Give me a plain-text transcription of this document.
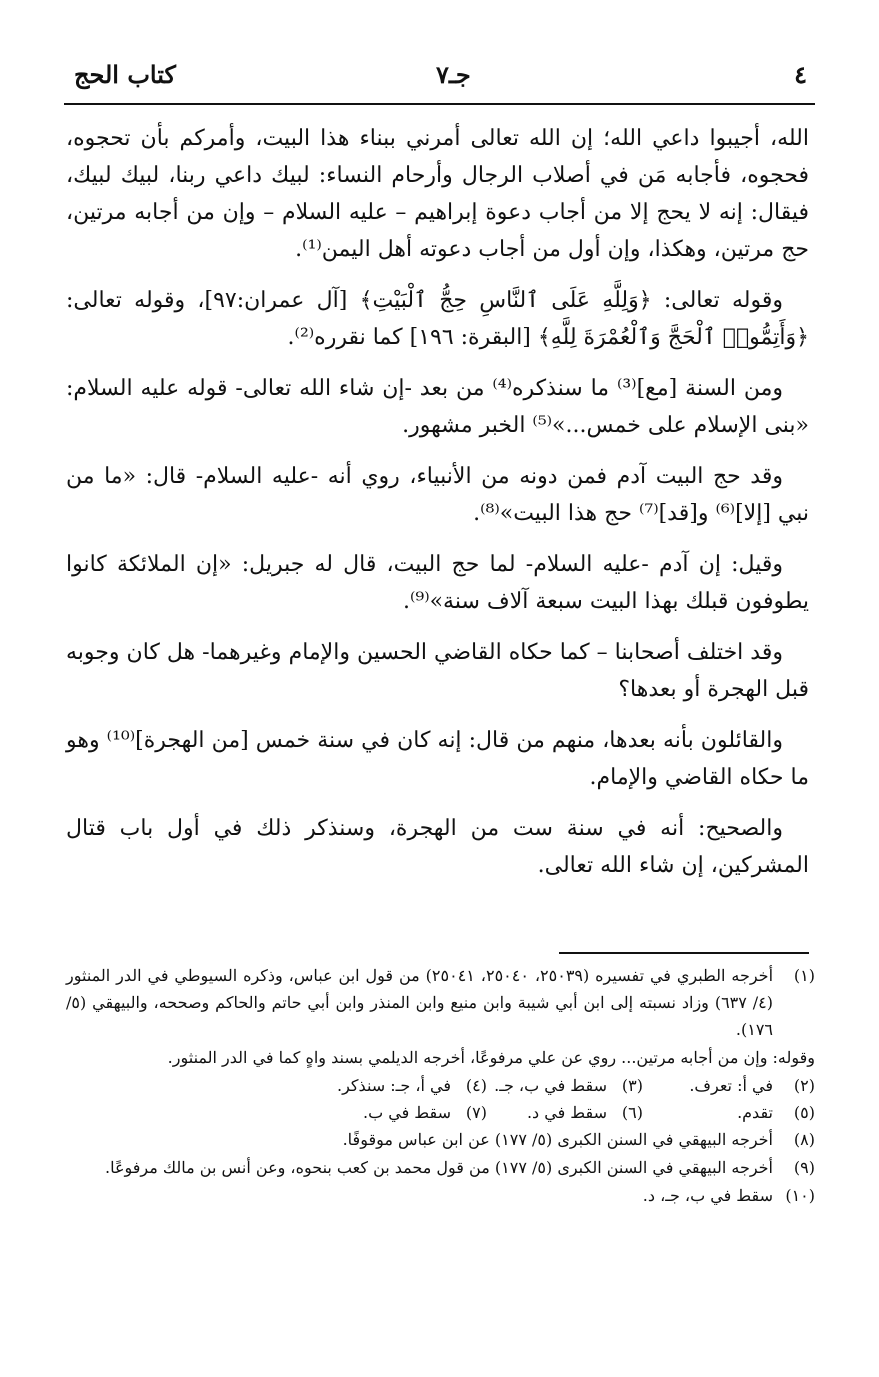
٤
جـ٧
كتاب الحج

الله، أجيبوا داعي الله؛ إن الله تعالى أمرني ببناء هذا البيت، وأمركم بأن تحجوه، فحجوه، فأجابه مَن في أصلاب الرجال وأرحام النساء: لبيك داعي ربنا، لبيك لبيك، فيقال: إنه لا يحج إلا من أجاب دعوة إبراهيم – عليه السلام – وإن من أجابه مرتين، حج مرتين، وهكذا، وإن أول من أجاب دعوته أهل اليمن⁽¹⁾.

وقوله تعالى: ﴿وَلِلَّهِ عَلَى ٱلنَّاسِ حِجُّ ٱلْبَيْتِ﴾ [آل عمران:٩٧]، وقوله تعالى: ﴿وَأَتِمُّوا۟ ٱلْحَجَّ وَٱلْعُمْرَةَ لِلَّهِ﴾ [البقرة: ١٩٦] كما نقرره⁽²⁾.

ومن السنة [مع]⁽³⁾ ما سنذكره⁽⁴⁾ من بعد -إن شاء الله تعالى- قوله عليه السلام: «بنى الإسلام على خمس...»⁽⁵⁾ الخبر مشهور.

وقد حج البيت آدم فمن دونه من الأنبياء، روي أنه -عليه السلام- قال: «ما من نبي [إلا]⁽⁶⁾ و[قد]⁽⁷⁾ حج هذا البيت»⁽⁸⁾.

وقيل: إن آدم -عليه السلام- لما حج البيت، قال له جبريل: «إن الملائكة كانوا يطوفون قبلك بهذا البيت سبعة آلاف سنة»⁽⁹⁾.

وقد اختلف أصحابنا – كما حكاه القاضي الحسين والإمام وغيرهما- هل كان وجوبه قبل الهجرة أو بعدها؟

والقائلون بأنه بعدها، منهم من قال: إنه كان في سنة خمس [من الهجرة]⁽¹⁰⁾ وهو ما حكاه القاضي والإمام.

والصحيح: أنه في سنة ست من الهجرة، وسنذكر ذلك في أول باب قتال المشركين، إن شاء الله تعالى.

(١)
أخرجه الطبري في تفسيره (٢٥٠٣٩، ٢٥٠٤٠، ٢٥٠٤١) من قول ابن عباس، وذكره السيوطي في الدر المنثور (٤/ ٦٣٧) وزاد نسبته إلى ابن أبي شيبة وابن منيع وابن المنذر وابن أبي حاتم والحاكم وصححه، والبيهقي (٥/ ١٧٦).

وقوله: وإن من أجابه مرتين... روي عن علي مرفوعًا، أخرجه الديلمي بسند واهٍ كما في الدر المنثور.

(٢)
في أ: تعرف.
(٣)
سقط في ب، جـ.
(٤)
في أ، جـ: سنذكر.
(٥)
تقدم.
(٦)
سقط في د.
(٧)
سقط في ب.
(٨)
أخرجه البيهقي في السنن الكبرى (٥/ ١٧٧) عن ابن عباس موقوفًا.
(٩)
أخرجه البيهقي في السنن الكبرى (٥/ ١٧٧) من قول محمد بن كعب بنحوه، وعن أنس بن مالك مرفوعًا.
(١٠)
سقط في ب، جـ، د.
